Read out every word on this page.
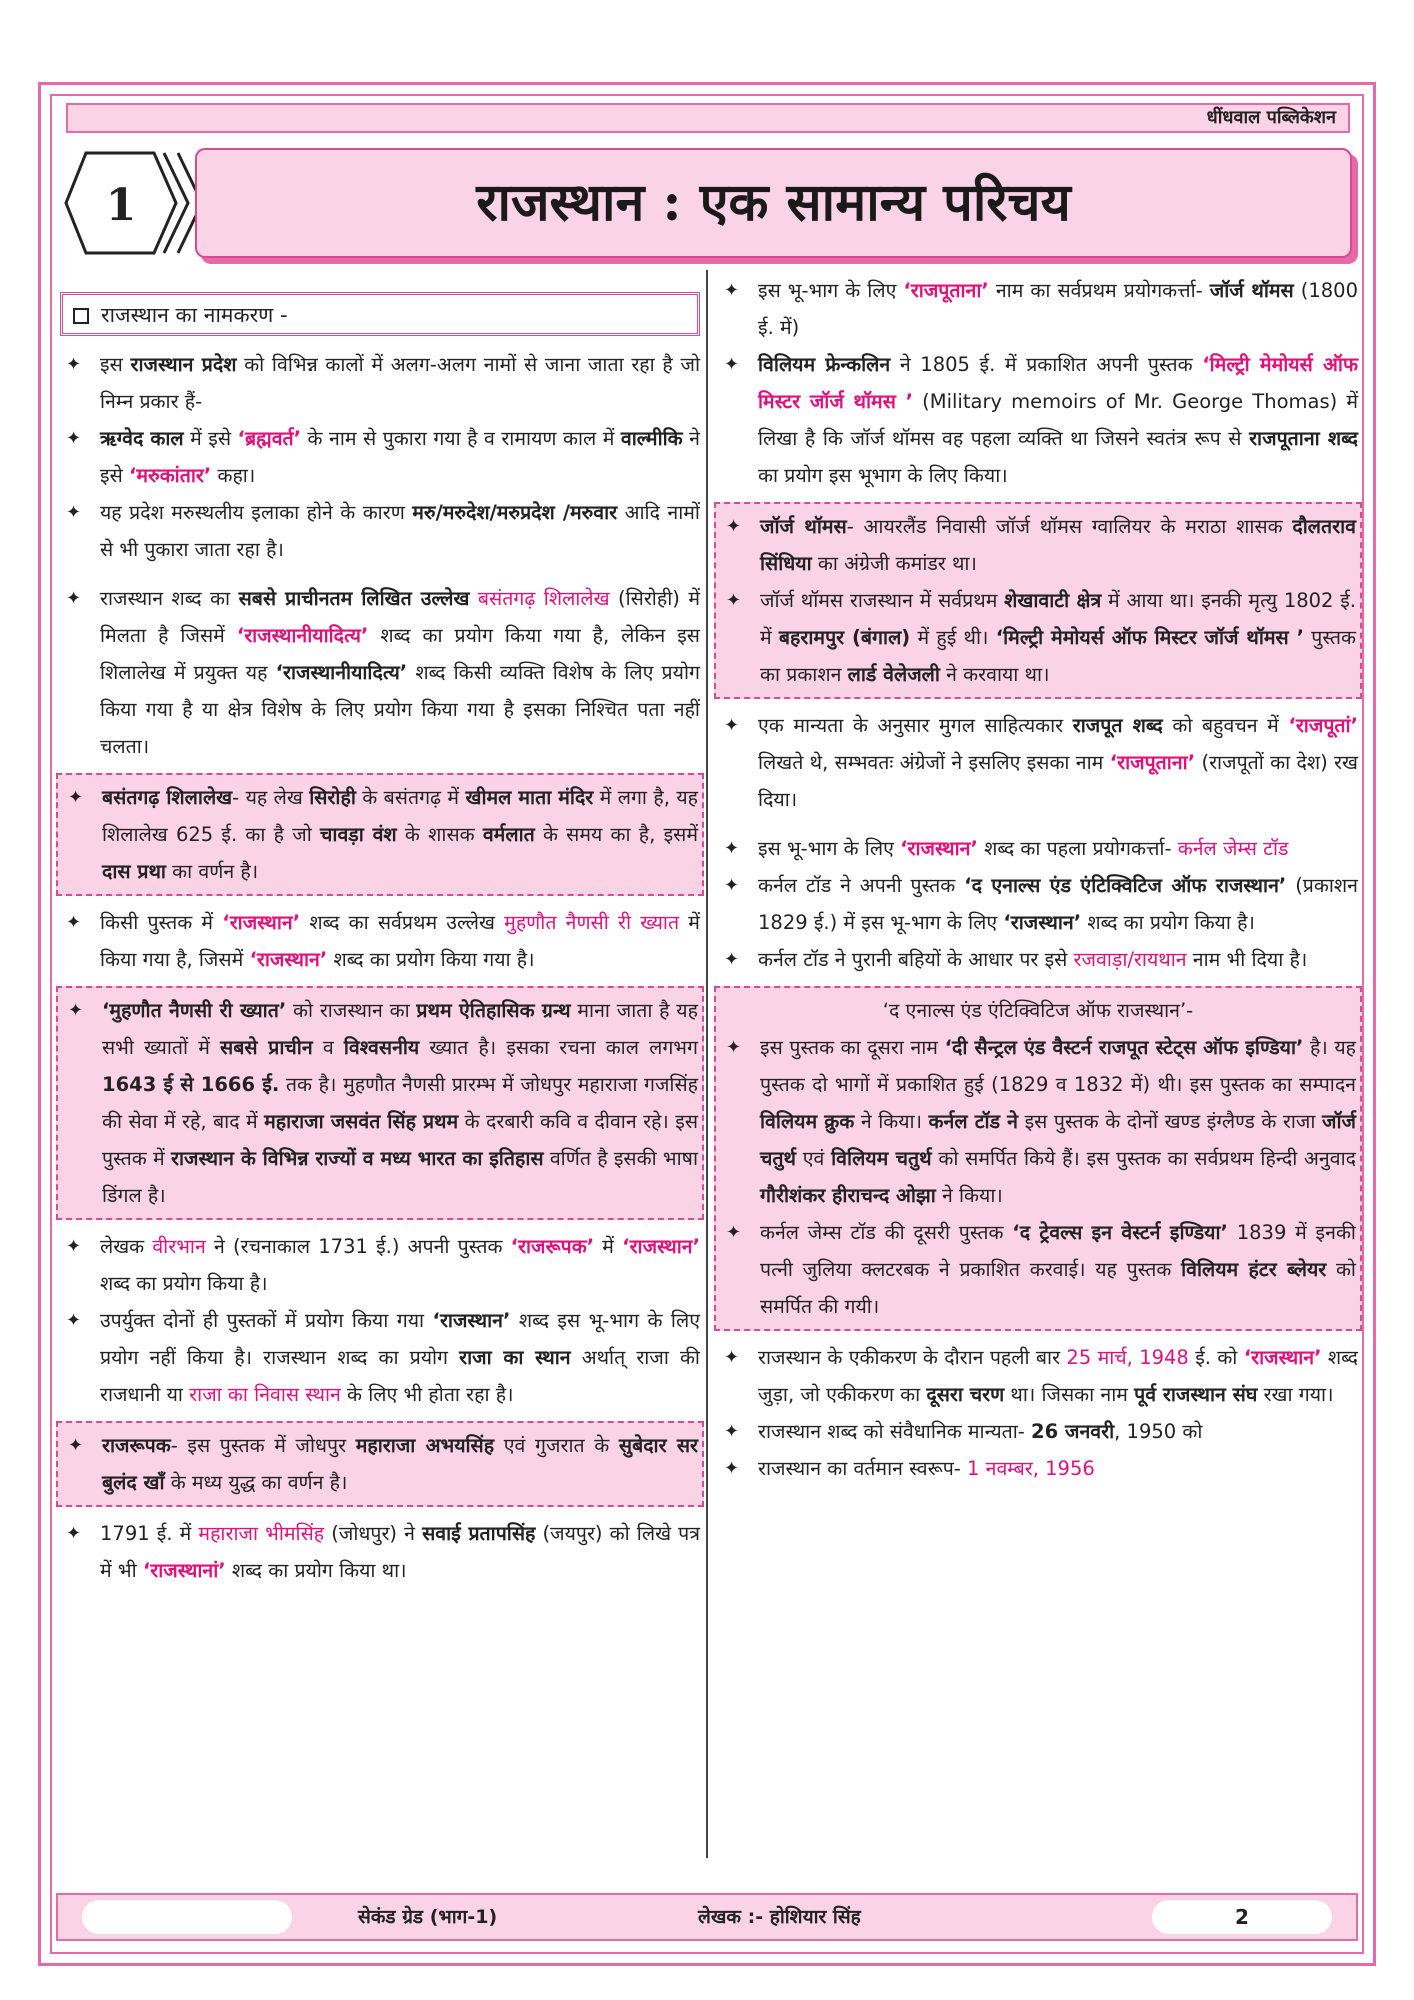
धींधवाल पब्लिकेशन
1	राजस्थान : एक सामान्य परिचय
राजस्थान का नामकरण -
✦ इस राजस्थान प्रदेश को विभिन्न कालों में अलग-अलग नामों से जाना जाता रहा है जो निम्न प्रकार हैं-
✦ ऋग्वेद काल में इसे ‘ब्रह्मवर्त’ के नाम से पुकारा गया है व रामायण काल में वाल्मीकि ने इसे ‘मरुकांतार’ कहा।
✦ यह प्रदेश मरुस्थलीय इलाका होने के कारण मरु/मरुदेश/मरुप्रदेश /मरुवार आदि नामों से भी पुकारा जाता रहा है।
✦ राजस्थान शब्द का सबसे प्राचीनतम लिखित उल्लेख बसंतगढ़ शिलालेख (सिरोही) में मिलता है जिसमें ‘राजस्थानीयादित्य’ शब्द का प्रयोग किया गया है, लेकिन इस शिलालेख में प्रयुक्त यह ‘राजस्थानीयादित्य’ शब्द किसी व्यक्ति विशेष के लिए प्रयोग किया गया है या क्षेत्र विशेष के लिए प्रयोग किया गया है इसका निश्चित पता नहीं चलता।
✦ बसंतगढ़ शिलालेख- यह लेख सिरोही के बसंतगढ़ में खीमल माता मंदिर में लगा है, यह शिलालेख 625 ई. का है जो चावड़ा वंश के शासक वर्मलात के समय का है, इसमें दास प्रथा का वर्णन है।
✦ किसी पुस्तक में ‘राजस्थान’ शब्द का सर्वप्रथम उल्लेख मुहणौत नैणसी री ख्यात में किया गया है, जिसमें ‘राजस्थान’ शब्द का प्रयोग किया गया है।
✦ ‘मुहणौत नैणसी री ख्यात’ को राजस्थान का प्रथम ऐतिहासिक ग्रन्थ माना जाता है यह सभी ख्यातों में सबसे प्राचीन व विश्वसनीय ख्यात है। इसका रचना काल लगभग 1643 ई से 1666 ई. तक है। मुहणौत नैणसी प्रारम्भ में जोधपुर महाराजा गजसिंह की सेवा में रहे, बाद में महाराजा जसवंत सिंह प्रथम के दरबारी कवि व दीवान रहे। इस पुस्तक में राजस्थान के विभिन्न राज्यों व मध्य भारत का इतिहास वर्णित है इसकी भाषा डिंगल है।
✦ लेखक वीरभान ने (रचनाकाल 1731 ई.) अपनी पुस्तक ‘राजरूपक’ में ‘राजस्थान’ शब्द का प्रयोग किया है।
✦ उपर्युक्त दोनों ही पुस्तकों में प्रयोग किया गया ‘राजस्थान’ शब्द इस भू-भाग के लिए प्रयोग नहीं किया है। राजस्थान शब्द का प्रयोग राजा का स्थान अर्थात् राजा की राजधानी या राजा का निवास स्थान के लिए भी होता रहा है।
✦ राजरूपक- इस पुस्तक में जोधपुर महाराजा अभयसिंह एवं गुजरात के सुबेदार सर बुलंद खाँ के मध्य युद्ध का वर्णन है।
✦ 1791 ई. में महाराजा भीमसिंह (जोधपुर) ने सवाई प्रतापसिंह (जयपुर) को लिखे पत्र में भी ‘राजस्थानां’ शब्द का प्रयोग किया था।
✦ इस भू-भाग के लिए ‘राजपूताना’ नाम का सर्वप्रथम प्रयोगकर्त्ता- जॉर्ज थॉमस (1800 ई. में)
✦ विलियम फ्रेन्कलिन ने 1805 ई. में प्रकाशित अपनी पुस्तक ‘मिल्ट्री मेमोयर्स ऑफ मिस्टर जॉर्ज थॉमस ’ (Military memoirs of Mr. George Thomas) में लिखा है कि जॉर्ज थॉमस वह पहला व्यक्ति था जिसने स्वतंत्र रूप से राजपूताना शब्द का प्रयोग इस भूभाग के लिए किया।
✦ जॉर्ज थॉमस- आयरलैंड निवासी जॉर्ज थॉमस ग्वालियर के मराठा शासक दौलतराव सिंधिया का अंग्रेजी कमांडर था।
✦ जॉर्ज थॉमस राजस्थान में सर्वप्रथम शेखावाटी क्षेत्र में आया था। इनकी मृत्यु 1802 ई. में बहरामपुर (बंगाल) में हुई थी। ‘मिल्ट्री मेमोयर्स ऑफ मिस्टर जॉर्ज थॉमस ’ पुस्तक का प्रकाशन लार्ड वेलेजली ने करवाया था।
✦ एक मान्यता के अनुसार मुगल साहित्यकार राजपूत शब्द को बहुवचन में ‘राजपूतां’ लिखते थे, सम्भवतः अंग्रेजों ने इसलिए इसका नाम ‘राजपूताना’ (राजपूतों का देश) रख दिया।
✦ इस भू-भाग के लिए ‘राजस्थान’ शब्द का पहला प्रयोगकर्त्ता- कर्नल जेम्स टॉड
✦ कर्नल टॉड ने अपनी पुस्तक ‘द एनाल्स एंड एंटिक्विटिज ऑफ राजस्थान’ (प्रकाशन 1829 ई.) में इस भू-भाग के लिए ‘राजस्थान’ शब्द का प्रयोग किया है।
✦ कर्नल टॉड ने पुरानी बहियों के आधार पर इसे रजवाड़ा/रायथान नाम भी दिया है।
‘द एनाल्स एंड एंटिक्विटिज ऑफ राजस्थान’-
✦ इस पुस्तक का दूसरा नाम ‘दी सैन्ट्रल एंड वैस्टर्न राजपूत स्टेट्स ऑफ इण्डिया’ है। यह पुस्तक दो भागों में प्रकाशित हुई (1829 व 1832 में) थी। इस पुस्तक का सम्पादन विलियम क्रुक ने किया। कर्नल टॉड ने इस पुस्तक के दोनों खण्ड इंग्लैण्ड के राजा जॉर्ज चतुर्थ एवं विलियम चतुर्थ को समर्पित किये हैं। इस पुस्तक का सर्वप्रथम हिन्दी अनुवाद गौरीशंकर हीराचन्द ओझा ने किया।
✦ कर्नल जेम्स टॉड की दूसरी पुस्तक ‘द ट्रेवल्स इन वेस्टर्न इण्डिया’ 1839 में इनकी पत्नी जुलिया क्लटरबक ने प्रकाशित करवाई। यह पुस्तक विलियम हंटर ब्लेयर को समर्पित की गयी।
✦ राजस्थान के एकीकरण के दौरान पहली बार 25 मार्च, 1948 ई. को ‘राजस्थान’ शब्द जुड़ा, जो एकीकरण का दूसरा चरण था। जिसका नाम पूर्व राजस्थान संघ रखा गया।
✦ राजस्थान शब्द को संवैधानिक मान्यता- 26 जनवरी, 1950 को
✦ राजस्थान का वर्तमान स्वरूप- 1 नवम्बर, 1956
सेकंड ग्रेड (भाग-1)	लेखक :- होशियार सिंह	2
